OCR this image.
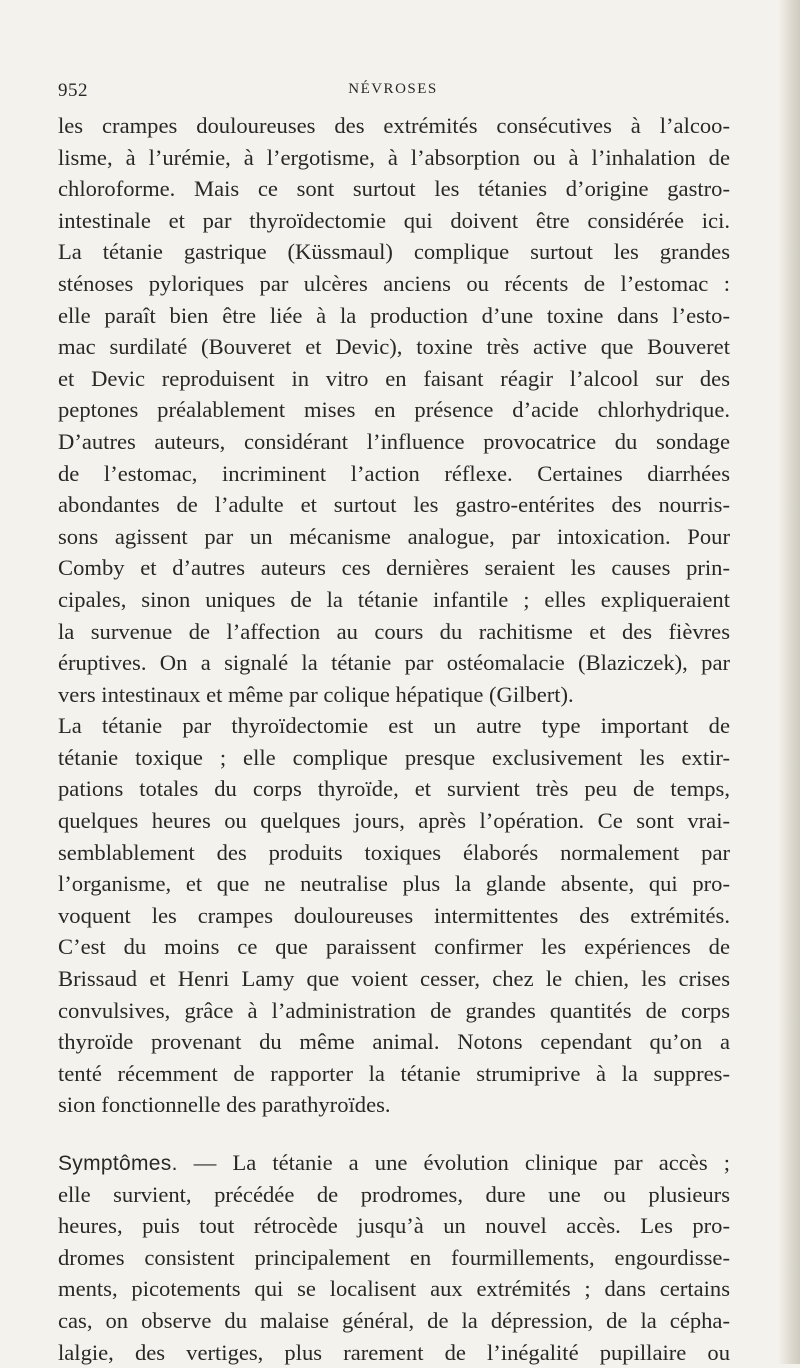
952	NÉVROSES
les crampes douloureuses des extrémités consécutives à l’alcoo-
lisme, à l’urémie, à l’ergotisme, à l’absorption ou à l’inhalation de
chloroforme. Mais ce sont surtout les tétanies d’origine gastro-
intestinale et par thyroïdectomie qui doivent être considérée ici.
La tétanie gastrique (Küssmaul) complique surtout les grandes
sténoses pyloriques par ulcères anciens ou récents de l’estomac :
elle paraît bien être liée à la production d’une toxine dans l’esto-
mac surdilaté (Bouveret et Devic), toxine très active que Bouveret
et Devic reproduisent in vitro en faisant réagir l’alcool sur des
peptones préalablement mises en présence d’acide chlorhydrique.
D’autres auteurs, considérant l’influence provocatrice du sondage
de l’estomac, incriminent l’action réflexe. Certaines diarrhées
abondantes de l’adulte et surtout les gastro-entérites des nourris-
sons agissent par un mécanisme analogue, par intoxication. Pour
Comby et d’autres auteurs ces dernières seraient les causes prin-
cipales, sinon uniques de la tétanie infantile ; elles expliqueraient
la survenue de l’affection au cours du rachitisme et des fièvres
éruptives. On a signalé la tétanie par ostéomalacie (Blaziczek), par
vers intestinaux et même par colique hépatique (Gilbert).
La tétanie par thyroïdectomie est un autre type important de
tétanie toxique ; elle complique presque exclusivement les extir-
pations totales du corps thyroïde, et survient très peu de temps,
quelques heures ou quelques jours, après l’opération. Ce sont vrai-
semblablement des produits toxiques élaborés normalement par
l’organisme, et que ne neutralise plus la glande absente, qui pro-
voquent les crampes douloureuses intermittentes des extrémités.
C’est du moins ce que paraissent confirmer les expériences de
Brissaud et Henri Lamy que voient cesser, chez le chien, les crises
convulsives, grâce à l’administration de grandes quantités de corps
thyroïde provenant du même animal. Notons cependant qu’on a
tenté récemment de rapporter la tétanie strumiprive à la suppres-
sion fonctionnelle des parathyroïdes.
Symptômes. — La tétanie a une évolution clinique par accès ;
elle survient, précédée de prodromes, dure une ou plusieurs
heures, puis tout rétrocède jusqu’à un nouvel accès. Les pro-
dromes consistent principalement en fourmillements, engourdisse-
ments, picotements qui se localisent aux extrémités ; dans certains
cas, on observe du malaise général, de la dépression, de la cépha-
lalgie, des vertiges, plus rarement de l’inégalité pupillaire ou
